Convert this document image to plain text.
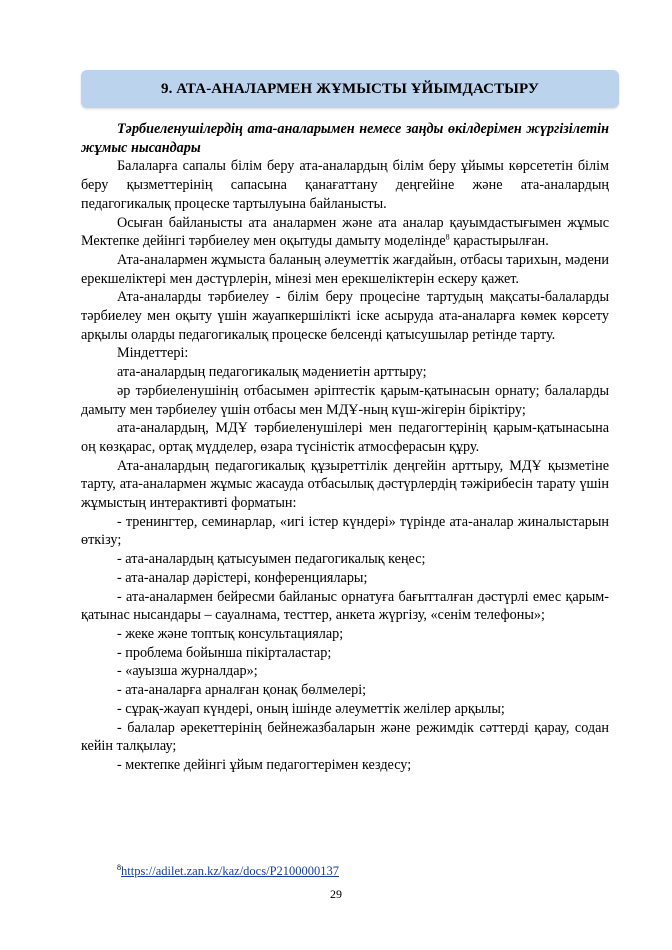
9. АТА-АНАЛАРМЕН ЖҰМЫСТЫ ҰЙЫМДАСТЫРУ

Тәрбиеленушілердің ата-аналарымен немесе заңды өкілдерімен жүргізілетін жұмыс нысандары

Балаларға сапалы білім беру ата-аналардың білім беру ұйымы көрсететін білім беру қызметтерінің сапасына қанағаттану деңгейіне және ата-аналардың педагогикалық процеске тартылуына байланысты.

Осыған байланысты ата аналармен және ата аналар қауымдастығымен жұмыс Мектепке дейінгі тәрбиелеу мен оқытуды дамыту моделінде$^8$ қарастырылған.

Ата-аналармен жұмыста баланың әлеуметтік жағдайын, отбасы тарихын, мәдени ерекшеліктері мен дәстүрлерін, мінезі мен ерекшеліктерін ескеру қажет.

Ата-аналарды тәрбиелеу - білім беру процесіне тартудың мақсаты-балаларды тәрбиелеу мен оқыту үшін жауапкершілікті іске асыруда ата-аналарға көмек көрсету арқылы оларды педагогикалық процеске белсенді қатысушылар ретінде тарту.

Міндеттері:

ата-аналардың педагогикалық мәдениетін арттыру;

әр тәрбиеленушінің отбасымен әріптестік қарым-қатынасын орнату; балаларды дамыту мен тәрбиелеу үшін отбасы мен МДҰ-ның күш-жігерін біріктіру;

ата-аналардың, МДҰ тәрбиеленушілері мен педагогтерінің қарым-қатынасына оң көзқарас, ортақ мүдделер, өзара түсіністік атмосферасын құру.

Ата-аналардың педагогикалық құзыреттілік деңгейін арттыру, МДҰ қызметіне тарту, ата-аналармен жұмыс жасауда отбасылық дәстүрлердің тәжірибесін тарату үшін жұмыстың интерактивті форматын:

- тренингтер, семинарлар, «игі істер күндері» түрінде ата-аналар жиналыстарын өткізу;

- ата-аналардың қатысуымен педагогикалық кеңес;

- ата-аналар дәрістері, конференциялары;

- ата-аналармен бейресми байланыс орнатуға бағытталған дәстүрлі емес қарым-қатынас нысандары – сауалнама, тесттер, анкета жүргізу, «сенім телефоны»;

- жеке және топтық консультациялар;

- проблема бойынша пікірталастар;

- «ауызша журналдар»;

- ата-аналарға арналған қонақ бөлмелері;

- сұрақ-жауап күндері, оның ішінде әлеуметтік желілер арқылы;

- балалар әрекеттерінің бейнежазбаларын және режимдік сәттерді қарау, содан кейін талқылау;

- мектепке дейінгі ұйым педагогтерімен кездесу;

$^8$https://adilet.zan.kz/kaz/docs/P2100000137
29
